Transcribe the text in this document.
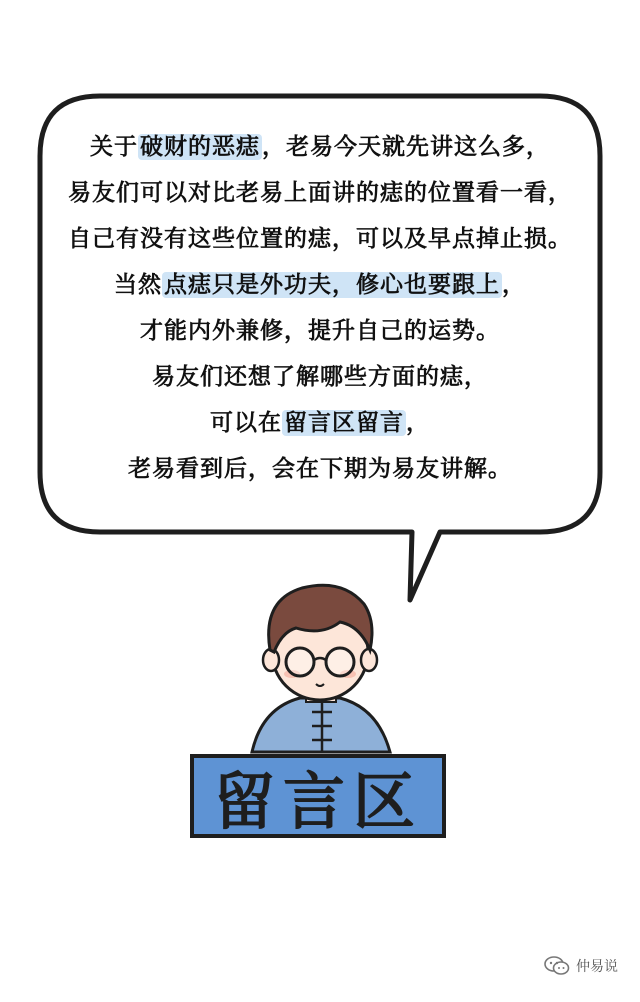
关于破财的恶痣，老易今天就先讲这么多，
易友们可以对比老易上面讲的痣的位置看一看，
自己有没有这些位置的痣，可以及早点掉止损。
当然点痣只是外功夫，修心也要跟上，
才能内外兼修，提升自己的运势。
易友们还想了解哪些方面的痣，
可以在留言区留言，
老易看到后，会在下期为易友讲解。
留言区
仲易说
